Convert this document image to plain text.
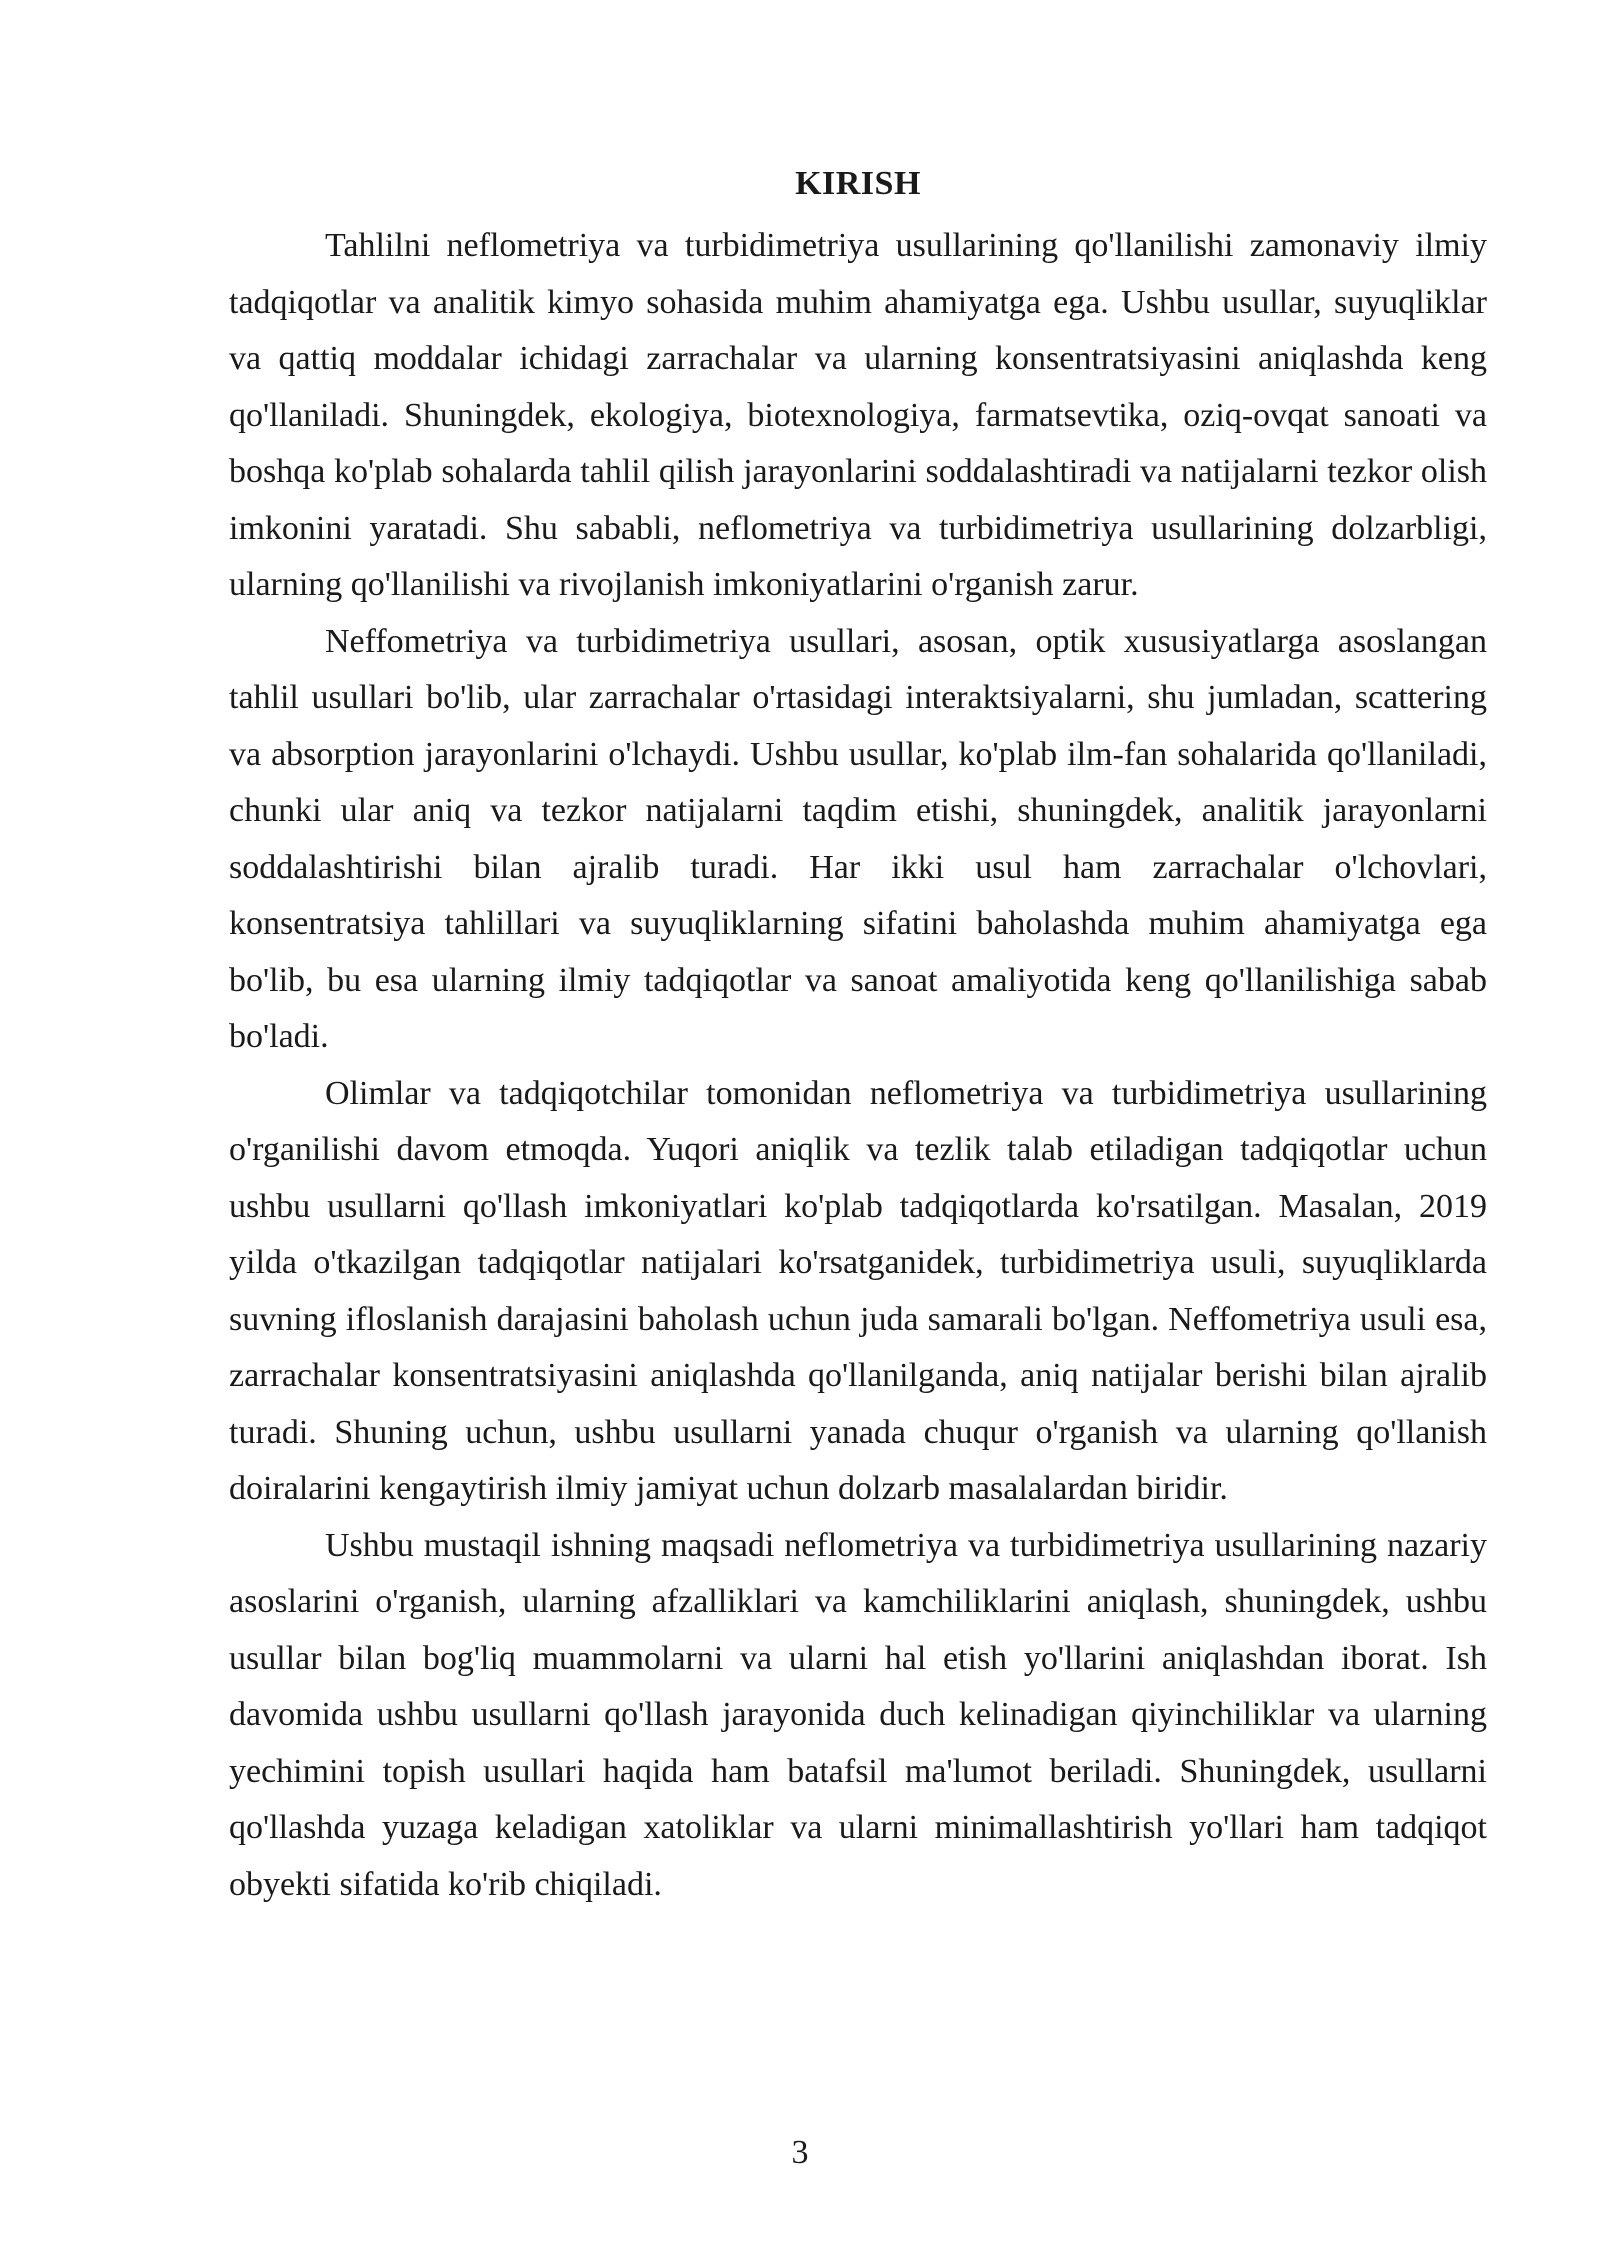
KIRISH

Tahlilni neflometriya va turbidimetriya usullarining qo'llanilishi zamonaviy ilmiy tadqiqotlar va analitik kimyo sohasida muhim ahamiyatga ega. Ushbu usullar, suyuqliklar va qattiq moddalar ichidagi zarrachalar va ularning konsentratsiyasini aniqlashda keng qo'llaniladi. Shuningdek, ekologiya, biotexnologiya, farmatsevtika, oziq-ovqat sanoati va boshqa ko'plab sohalarda tahlil qilish jarayonlarini soddalashtiradi va natijalarni tezkor olish imkonini yaratadi. Shu sababli, neflometriya va turbidimetriya usullarining dolzarbligi, ularning qo'llanilishi va rivojlanish imkoniyatlarini o'rganish zarur.

Neffometriya va turbidimetriya usullari, asosan, optik xususiyatlarga asoslangan tahlil usullari bo'lib, ular zarrachalar o'rtasidagi interaktsiyalarni, shu jumladan, scattering va absorption jarayonlarini o'lchaydi. Ushbu usullar, ko'plab ilm-fan sohalarida qo'llaniladi, chunki ular aniq va tezkor natijalarni taqdim etishi, shuningdek, analitik jarayonlarni soddalashtirishi bilan ajralib turadi. Har ikki usul ham zarrachalar o'lchovlari, konsentratsiya tahlillari va suyuqliklarning sifatini baholashda muhim ahamiyatga ega bo'lib, bu esa ularning ilmiy tadqiqotlar va sanoat amaliyotida keng qo'llanilishiga sabab bo'ladi.

Olimlar va tadqiqotchilar tomonidan neflometriya va turbidimetriya usullarining o'rganilishi davom etmoqda. Yuqori aniqlik va tezlik talab etiladigan tadqiqotlar uchun ushbu usullarni qo'llash imkoniyatlari ko'plab tadqiqotlarda ko'rsatilgan. Masalan, 2019 yilda o'tkazilgan tadqiqotlar natijalari ko'rsatganidek, turbidimetriya usuli, suyuqliklarda suvning ifloslanish darajasini baholash uchun juda samarali bo'lgan. Neffometriya usuli esa, zarrachalar konsentratsiyasini aniqlashda qo'llanilganda, aniq natijalar berishi bilan ajralib turadi. Shuning uchun, ushbu usullarni yanada chuqur o'rganish va ularning qo'llanish doiralarini kengaytirish ilmiy jamiyat uchun dolzarb masalalardan biridir.

Ushbu mustaqil ishning maqsadi neflometriya va turbidimetriya usullarining nazariy asoslarini o'rganish, ularning afzalliklari va kamchiliklarini aniqlash, shuningdek, ushbu usullar bilan bog'liq muammolarni va ularni hal etish yo'llarini aniqlashdan iborat. Ish davomida ushbu usullarni qo'llash jarayonida duch kelinadigan qiyinchiliklar va ularning yechimini topish usullari haqida ham batafsil ma'lumot beriladi. Shuningdek, usullarni qo'llashda yuzaga keladigan xatoliklar va ularni minimallashtirish yo'llari ham tadqiqot obyekti sifatida ko'rib chiqiladi.

3
